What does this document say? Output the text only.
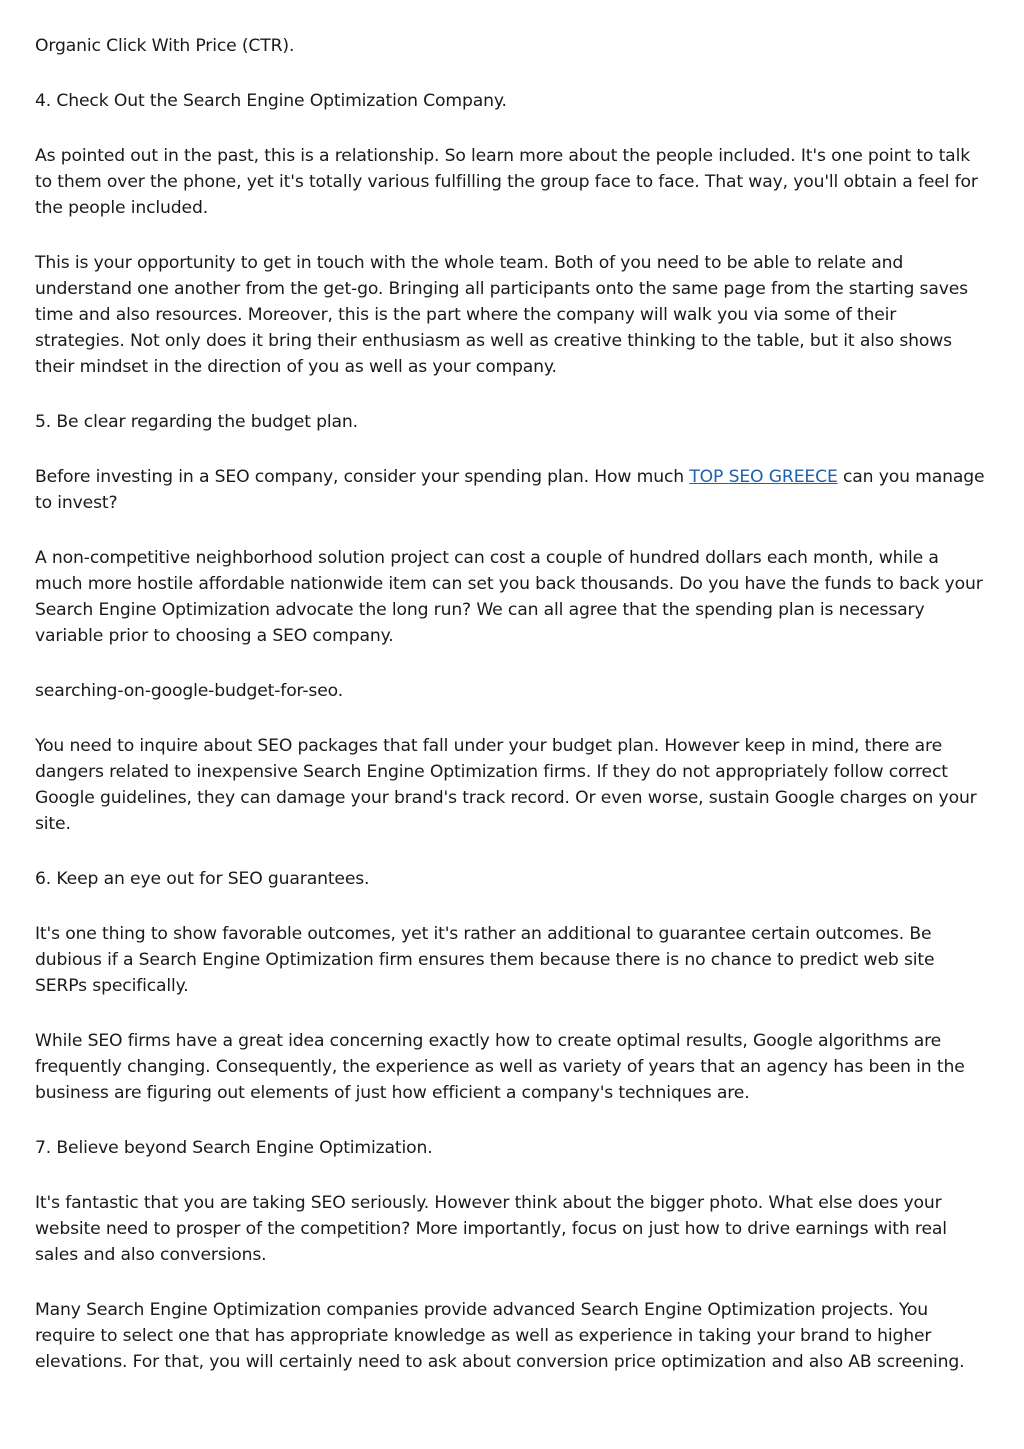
Organic Click With Price (CTR).

4. Check Out the Search Engine Optimization Company.

As pointed out in the past, this is a relationship. So learn more about the people included. It's one point to talk to them over the phone, yet it's totally various fulfilling the group face to face. That way, you'll obtain a feel for the people included.

This is your opportunity to get in touch with the whole team. Both of you need to be able to relate and understand one another from the get-go. Bringing all participants onto the same page from the starting saves time and also resources. Moreover, this is the part where the company will walk you via some of their strategies. Not only does it bring their enthusiasm as well as creative thinking to the table, but it also shows their mindset in the direction of you as well as your company.

5. Be clear regarding the budget plan.

Before investing in a SEO company, consider your spending plan. How much TOP SEO GREECE can you manage to invest?

A non-competitive neighborhood solution project can cost a couple of hundred dollars each month, while a much more hostile affordable nationwide item can set you back thousands. Do you have the funds to back your Search Engine Optimization advocate the long run? We can all agree that the spending plan is necessary variable prior to choosing a SEO company.

searching-on-google-budget-for-seo.

You need to inquire about SEO packages that fall under your budget plan. However keep in mind, there are dangers related to inexpensive Search Engine Optimization firms. If they do not appropriately follow correct Google guidelines, they can damage your brand's track record. Or even worse, sustain Google charges on your site.

6. Keep an eye out for SEO guarantees.

It's one thing to show favorable outcomes, yet it's rather an additional to guarantee certain outcomes. Be dubious if a Search Engine Optimization firm ensures them because there is no chance to predict web site SERPs specifically.

While SEO firms have a great idea concerning exactly how to create optimal results, Google algorithms are frequently changing. Consequently, the experience as well as variety of years that an agency has been in the business are figuring out elements of just how efficient a company's techniques are.

7. Believe beyond Search Engine Optimization.

It's fantastic that you are taking SEO seriously. However think about the bigger photo. What else does your website need to prosper of the competition? More importantly, focus on just how to drive earnings with real sales and also conversions.

Many Search Engine Optimization companies provide advanced Search Engine Optimization projects. You require to select one that has appropriate knowledge as well as experience in taking your brand to higher elevations. For that, you will certainly need to ask about conversion price optimization and also AB screening.
